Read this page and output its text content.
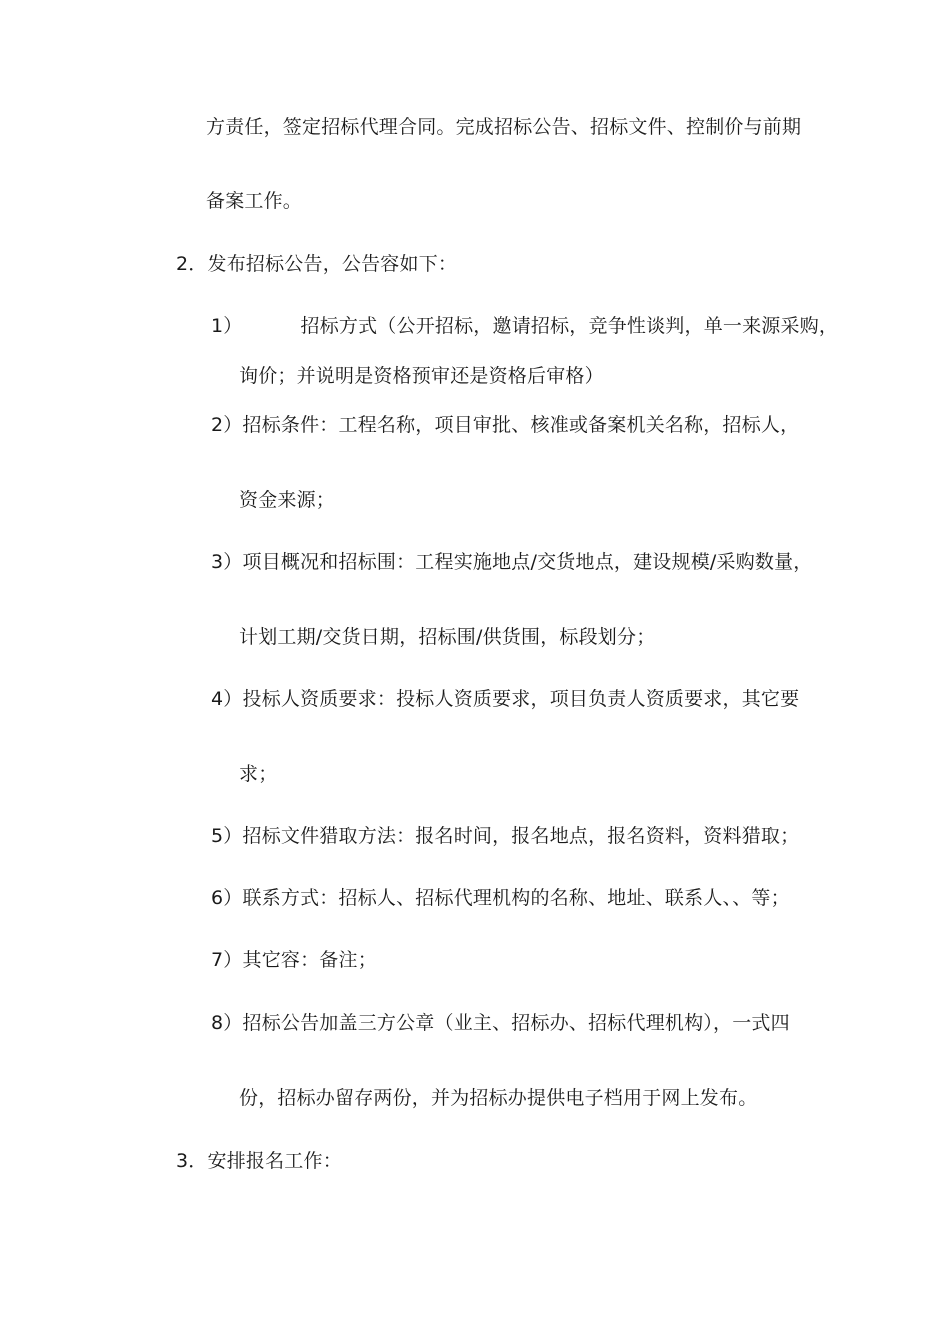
方责任，签定招标代理合同。完成招标公告、招标文件、控制价与前期
备案工作。
2．发布招标公告，公告容如下：
1）	招标方式（公开招标，邀请招标，竞争性谈判，单一来源采购，
询价；并说明是资格预审还是资格后审格）
2）招标条件：工程名称，项目审批、核准或备案机关名称，招标人，
资金来源；
3）项目概况和招标围：工程实施地点/交货地点，建设规模/采购数量，
计划工期/交货日期，招标围/供货围，标段划分；
4）投标人资质要求：投标人资质要求，项目负责人资质要求，其它要
求；
5）招标文件猎取方法：报名时间，报名地点，报名资料，资料猎取；
6）联系方式：招标人、招标代理机构的名称、地址、联系人、、等；
7）其它容：备注；
8）招标公告加盖三方公章（业主、招标办、招标代理机构），一式四
份，招标办留存两份，并为招标办提供电子档用于网上发布。
3．安排报名工作：
